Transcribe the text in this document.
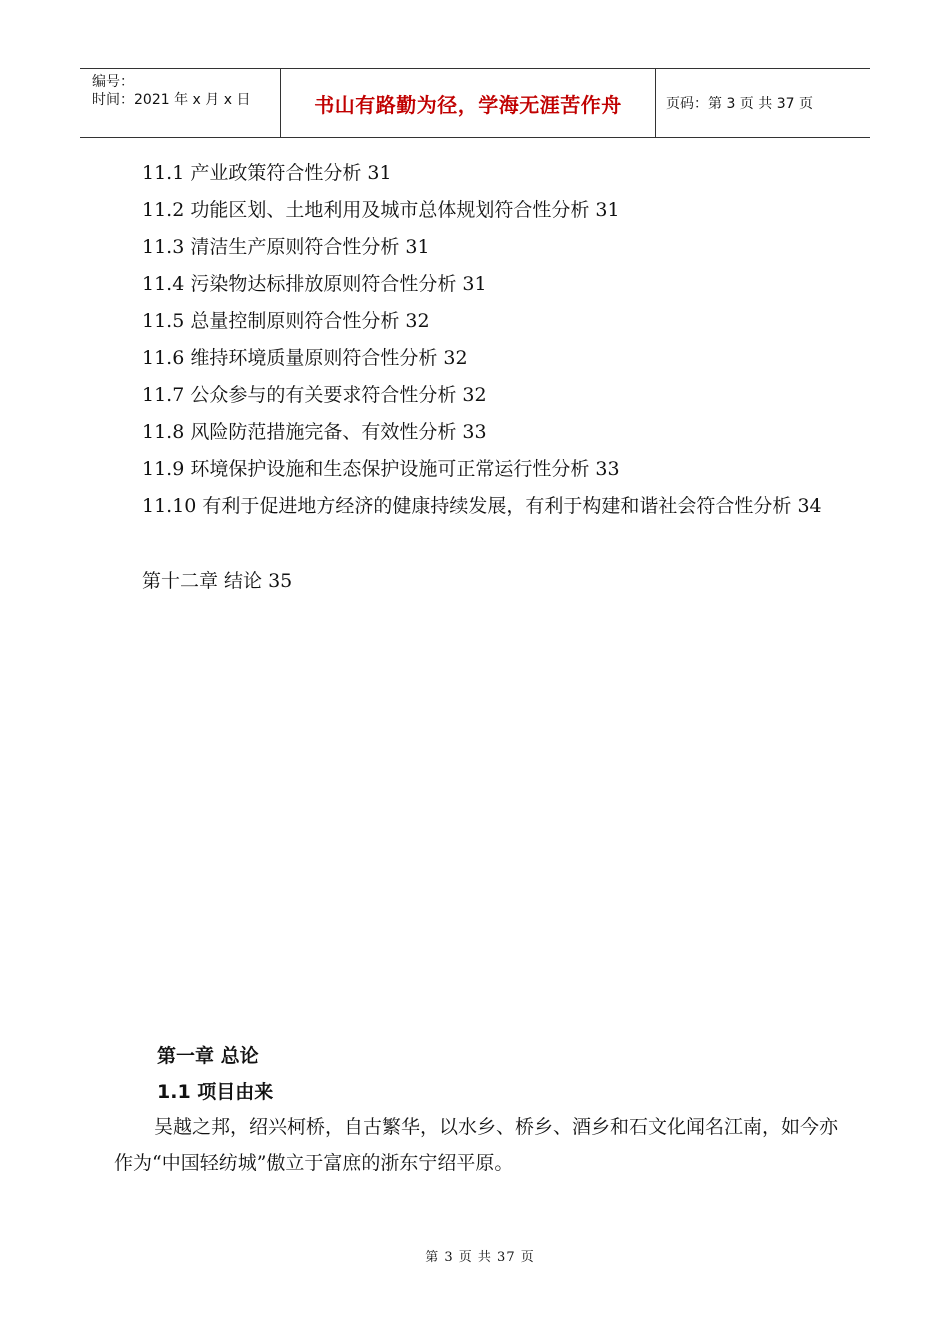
编号：
时间：2021 年 x 月 x 日	书山有路勤为径，学海无涯苦作舟	页码：第 3 页 共 37 页
11.1 产业政策符合性分析 31
11.2 功能区划、土地利用及城市总体规划符合性分析 31
11.3 清洁生产原则符合性分析 31
11.4 污染物达标排放原则符合性分析 31
11.5 总量控制原则符合性分析 32
11.6 维持环境质量原则符合性分析 32
11.7 公众参与的有关要求符合性分析 32
11.8 风险防范措施完备、有效性分析 33
11.9 环境保护设施和生态保护设施可正常运行性分析 33
11.10 有利于促进地方经济的健康持续发展，有利于构建和谐社会符合性分析 34
第十二章 结论 35
第一章 总论
1.1 项目由来
吴越之邦，绍兴柯桥，自古繁华，以水乡、桥乡、酒乡和石文化闻名江南，如今亦作为“中国轻纺城”傲立于富庶的浙东宁绍平原。
第 3 页 共 37 页
